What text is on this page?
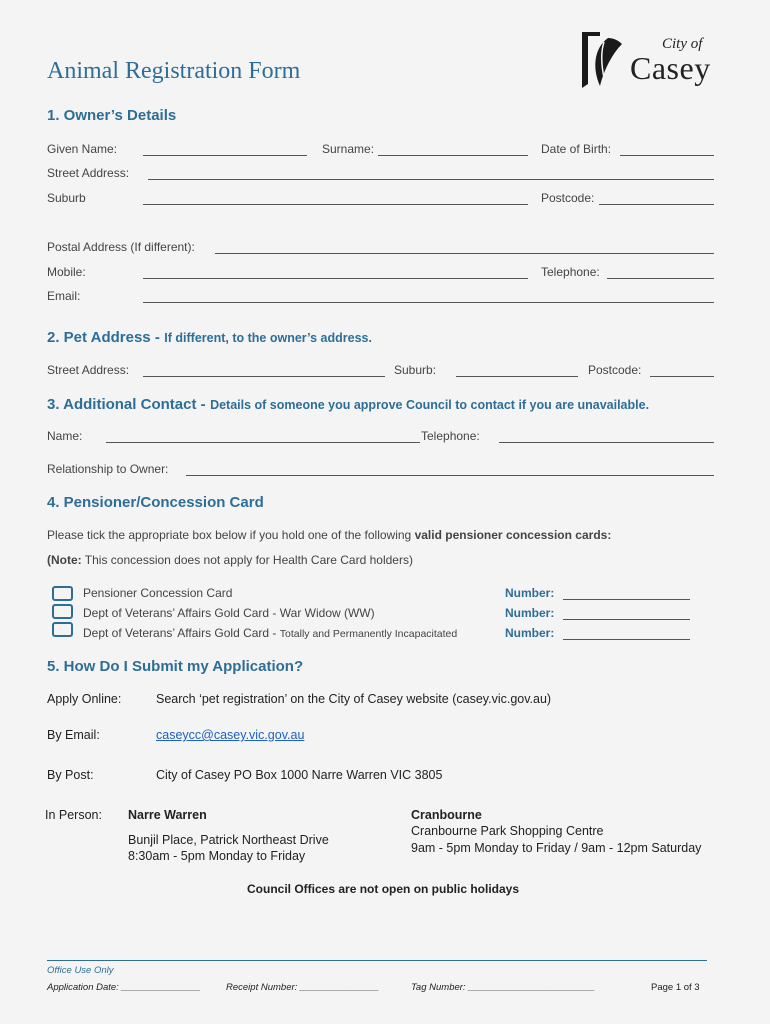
Animal Registration Form
City of
Casey
1. Owner’s Details
Given Name:	Surname:	Date of Birth:
Street Address:
Suburb	Postcode:
Postal Address (If different):
Mobile:	Telephone:
Email:
2. Pet Address - If different, to the owner’s address.
Street Address:	Suburb:	Postcode:
3. Additional Contact - Details of someone you approve Council to contact if you are unavailable.
Name:	Telephone:
Relationship to Owner:
4. Pensioner/Concession Card
Please tick the appropriate box below if you hold one of the following valid pensioner concession cards:
(Note: This concession does not apply for Health Care Card holders)
Pensioner Concession Card	Number:
Dept of Veterans’ Affairs Gold Card - War Widow (WW)	Number:
Dept of Veterans’ Affairs Gold Card - Totally and Permanently Incapacitated	Number:
5. How Do I Submit my Application?
Apply Online:	Search ‘pet registration’ on the City of Casey website (casey.vic.gov.au)
By Email:	caseycc@casey.vic.gov.au
By Post:	City of Casey PO Box 1000 Narre Warren VIC 3805
In Person: Narre Warren
Bunjil Place, Patrick Northeast Drive
8:30am - 5pm Monday to Friday
Cranbourne
Cranbourne Park Shopping Centre
9am - 5pm Monday to Friday / 9am - 12pm Saturday
Council Offices are not open on public holidays
Office Use Only
Application Date: _______________	Receipt Number: _______________	Tag Number: ________________________	Page 1 of 3
